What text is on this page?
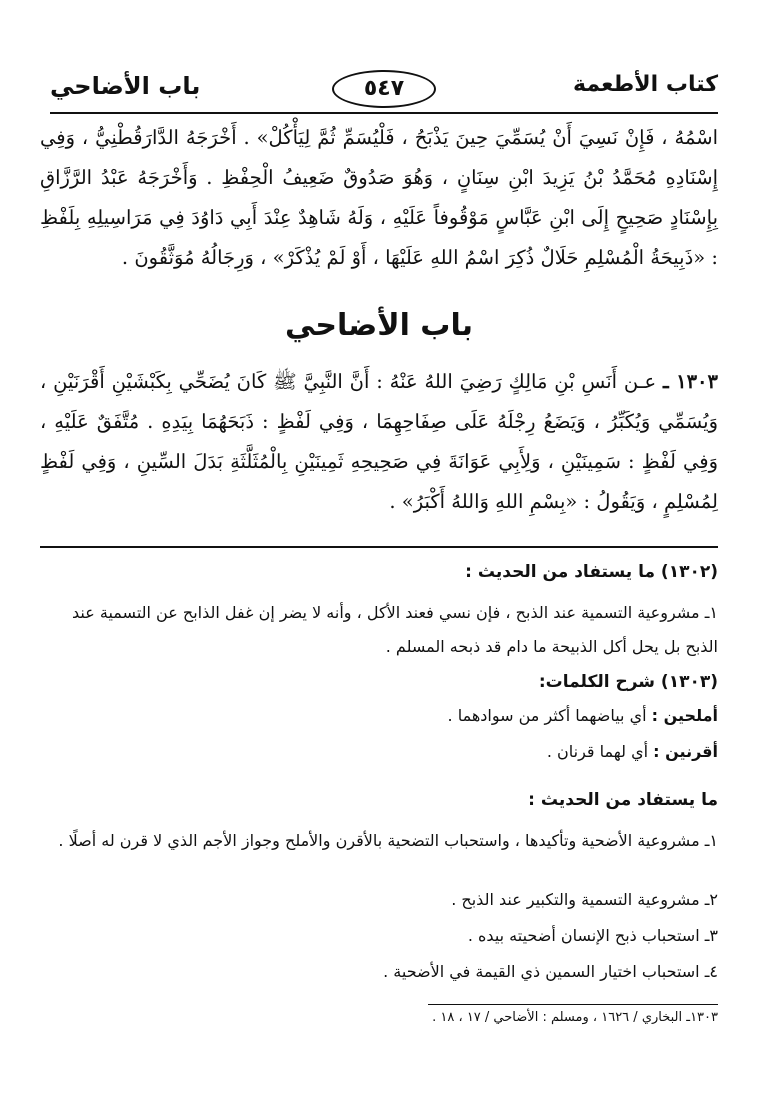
كتاب الأطعمة
٥٤٧
باب الأضاحي
اسْمُهُ ، فَإِنْ نَسِيَ أَنْ يُسَمِّيَ حِينَ يَذْبَحُ ، فَلْيُسَمِّ ثُمَّ لِيَأْكُلْ» . أَخْرَجَهُ الدَّارَقُطْنِيُّ ، وَفِي إِسْنَادِهِ مُحَمَّدُ بْنُ يَزِيدَ ابْنِ سِنَانٍ ، وَهُوَ صَدُوقٌ ضَعِيفُ الْحِفْظِ . وَأَخْرَجَهُ عَبْدُ الرَّزَّاقِ بِإِسْنَادٍ صَحِيحٍ إِلَى ابْنِ عَبَّاسٍ مَوْقُوفاً عَلَيْهِ ، وَلَهُ شَاهِدٌ عِنْدَ أَبِي دَاوُدَ فِي مَرَاسِيلِهِ بِلَفْظِ : «ذَبِيحَةُ الْمُسْلِمِ حَلَالٌ ذُكِرَ اسْمُ اللهِ عَلَيْهَا ، أَوْ لَمْ يُذْكَرْ» ، وَرِجَالُهُ مُوَثَّقُونَ .
باب الأضاحي
١٣٠٣ ـ عـن أَنَسِ بْنِ مَالِكٍ رَضِيَ اللهُ عَنْهُ : أَنَّ النَّبِيَّ ﷺ كَانَ يُضَحِّي بِكَبْشَيْنِ أَقْرَنَيْنِ ، وَيُسَمِّي وَيُكَبِّرُ ، وَيَضَعُ رِجْلَهُ عَلَى صِفَاحِهِمَا ، وَفِي لَفْظٍ : ذَبَحَهُمَا بِيَدِهِ . مُتَّفَقٌ عَلَيْهِ ، وَفِي لَفْظٍ : سَمِينَيْنِ ، وَلِأَبِي عَوَانَةَ فِي صَحِيحِهِ ثَمِينَيْنِ بِالْمُثَلَّثَةِ بَدَلَ السِّينِ ، وَفِي لَفْظٍ لِمُسْلِمٍ ، وَيَقُولُ : «بِسْمِ اللهِ وَاللهُ أَكْبَرُ» .
(١٣٠٢) ما يستفاد من الحديث :
١ـ مشروعية التسمية عند الذبح ، فإن نسي فعند الأكل ، وأنه لا يضر إن غفل الذابح عن التسمية عند الذبح بل يحل أكل الذبيحة ما دام قد ذبحه المسلم .
(١٣٠٣) شرح الكلمات:
أملحين : أي بياضهما أكثر من سوادهما .
أقرنين : أي لهما قرنان .
ما يستفاد من الحديث :
١ـ مشروعية الأضحية وتأكيدها ، واستحباب التضحية بالأقرن والأملح وجواز الأجم الذي لا قرن له أصلًا .
٢ـ مشروعية التسمية والتكبير عند الذبح .
٣ـ استحباب ذبح الإنسان أضحيته بيده .
٤ـ استحباب اختيار السمين ذي القيمة في الأضحية .
١٣٠٣ـ البخاري / ١٦٢٦ ، ومسلم : الأضاحي / ١٧ ، ١٨ .
